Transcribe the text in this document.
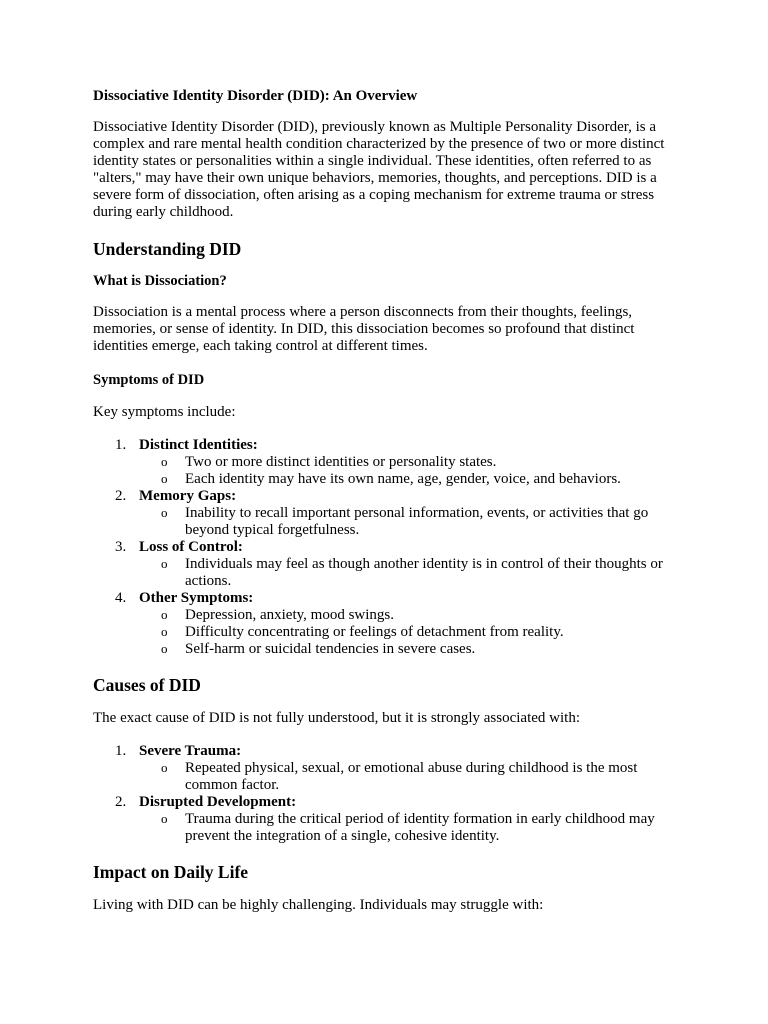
Dissociative Identity Disorder (DID): An Overview

Dissociative Identity Disorder (DID), previously known as Multiple Personality Disorder, is a complex and rare mental health condition characterized by the presence of two or more distinct identity states or personalities within a single individual. These identities, often referred to as "alters," may have their own unique behaviors, memories, thoughts, and perceptions. DID is a severe form of dissociation, often arising as a coping mechanism for extreme trauma or stress during early childhood.

Understanding DID
What is Dissociation?

Dissociation is a mental process where a person disconnects from their thoughts, feelings, memories, or sense of identity. In DID, this dissociation becomes so profound that distinct identities emerge, each taking control at different times.

Symptoms of DID

Key symptoms include:

1. Distinct Identities:
o Two or more distinct identities or personality states.
o Each identity may have its own name, age, gender, voice, and behaviors.
2. Memory Gaps:
o Inability to recall important personal information, events, or activities that go beyond typical forgetfulness.
3. Loss of Control:
o Individuals may feel as though another identity is in control of their thoughts or actions.
4. Other Symptoms:
o Depression, anxiety, mood swings.
o Difficulty concentrating or feelings of detachment from reality.
o Self-harm or suicidal tendencies in severe cases.
Causes of DID

The exact cause of DID is not fully understood, but it is strongly associated with:

1. Severe Trauma:
o Repeated physical, sexual, or emotional abuse during childhood is the most common factor.
2. Disrupted Development:
o Trauma during the critical period of identity formation in early childhood may prevent the integration of a single, cohesive identity.
Impact on Daily Life

Living with DID can be highly challenging. Individuals may struggle with:
